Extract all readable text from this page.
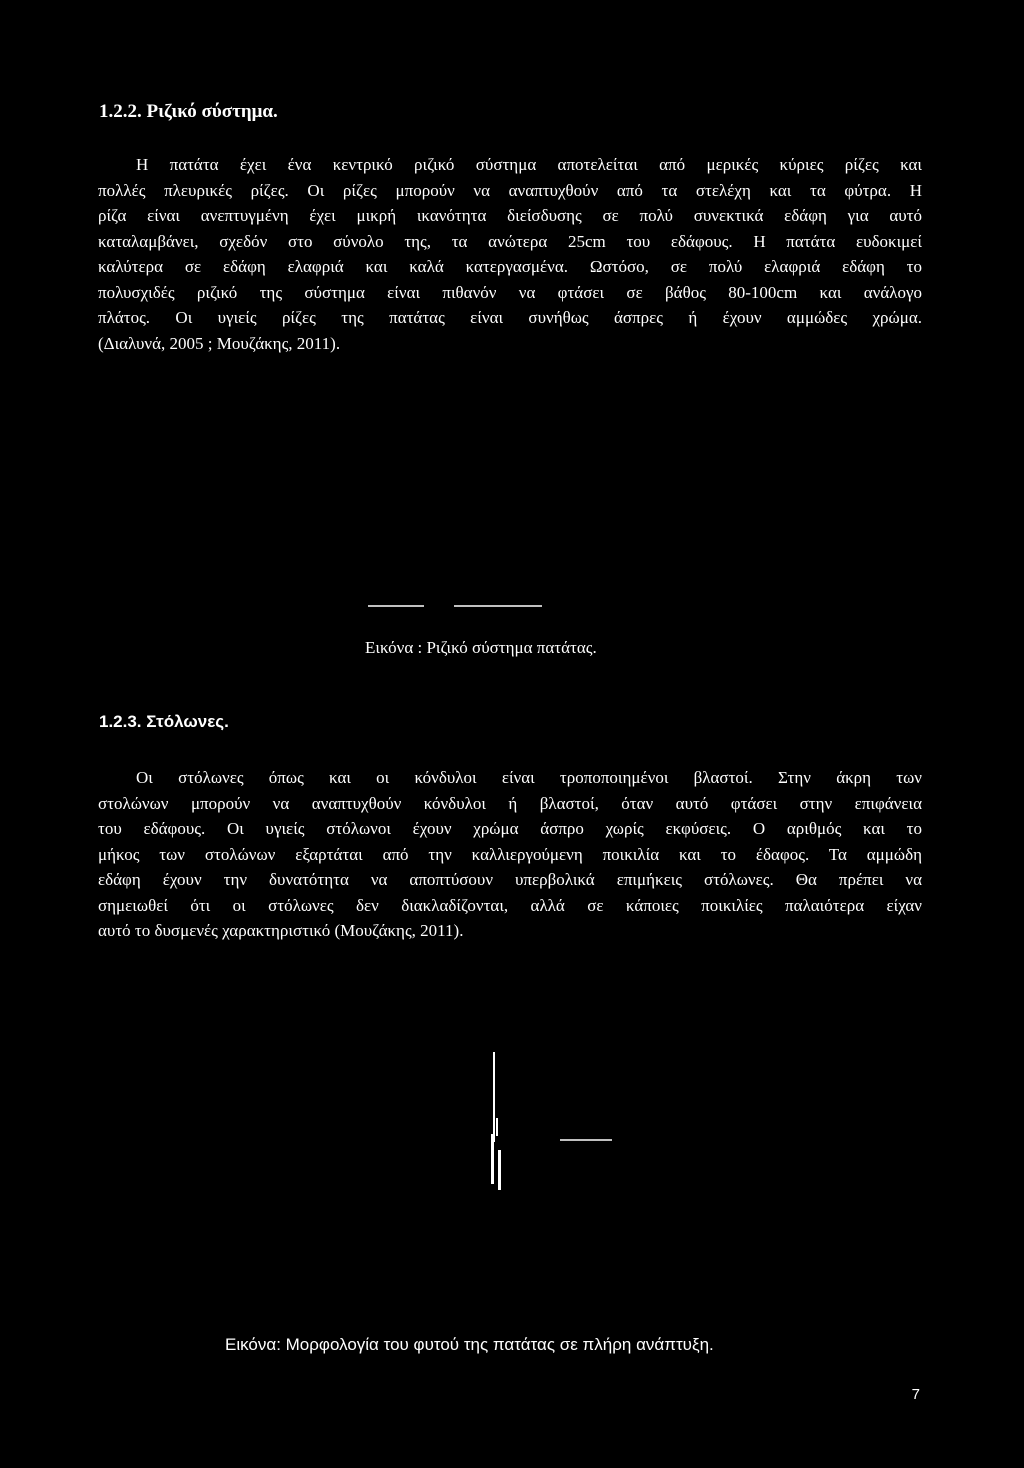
1.2.2. Ριζικό σύστημα.
Η πατάτα έχει ένα κεντρικό ριζικό σύστημα αποτελείται από μερικές κύριες ρίζες και
πολλές πλευρικές ρίζες. Οι ρίζες μπορούν να αναπτυχθούν από τα στελέχη και τα φύτρα. Η
ρίζα είναι ανεπτυγμένη έχει μικρή ικανότητα διείσδυσης σε πολύ συνεκτικά εδάφη για αυτό
καταλαμβάνει, σχεδόν στο σύνολο της, τα ανώτερα 25cm του εδάφους. Η πατάτα ευδοκιμεί
καλύτερα σε εδάφη ελαφριά και καλά κατεργασμένα. Ωστόσο, σε πολύ ελαφριά εδάφη το
πολυσχιδές ριζικό της σύστημα είναι πιθανόν να φτάσει σε βάθος 80-100cm και ανάλογο
πλάτος. Οι υγιείς ρίζες της πατάτας είναι συνήθως άσπρες ή έχουν αμμώδες χρώμα.
(Διαλυνά, 2005 ; Μουζάκης, 2011).
Εικόνα : Ριζικό σύστημα πατάτας.
1.2.3. Στόλωνες.
Οι στόλωνες όπως και οι κόνδυλοι είναι τροποποιημένοι βλαστοί. Στην άκρη των
στολώνων μπορούν να αναπτυχθούν κόνδυλοι ή βλαστοί, όταν αυτό φτάσει στην επιφάνεια
του εδάφους. Οι υγιείς στόλωνοι έχουν χρώμα άσπρο χωρίς εκφύσεις. Ο αριθμός και το
μήκος των στολώνων εξαρτάται από την καλλιεργούμενη ποικιλία και το έδαφος. Τα αμμώδη
εδάφη έχουν την δυνατότητα να αποπτύσουν υπερβολικά επιμήκεις στόλωνες. Θα πρέπει να
σημειωθεί ότι οι στόλωνες δεν διακλαδίζονται, αλλά σε κάποιες ποικιλίες παλαιότερα είχαν
αυτό το δυσμενές χαρακτηριστικό (Μουζάκης, 2011).
Εικόνα: Μορφολογία του φυτού της πατάτας σε πλήρη ανάπτυξη.
7
